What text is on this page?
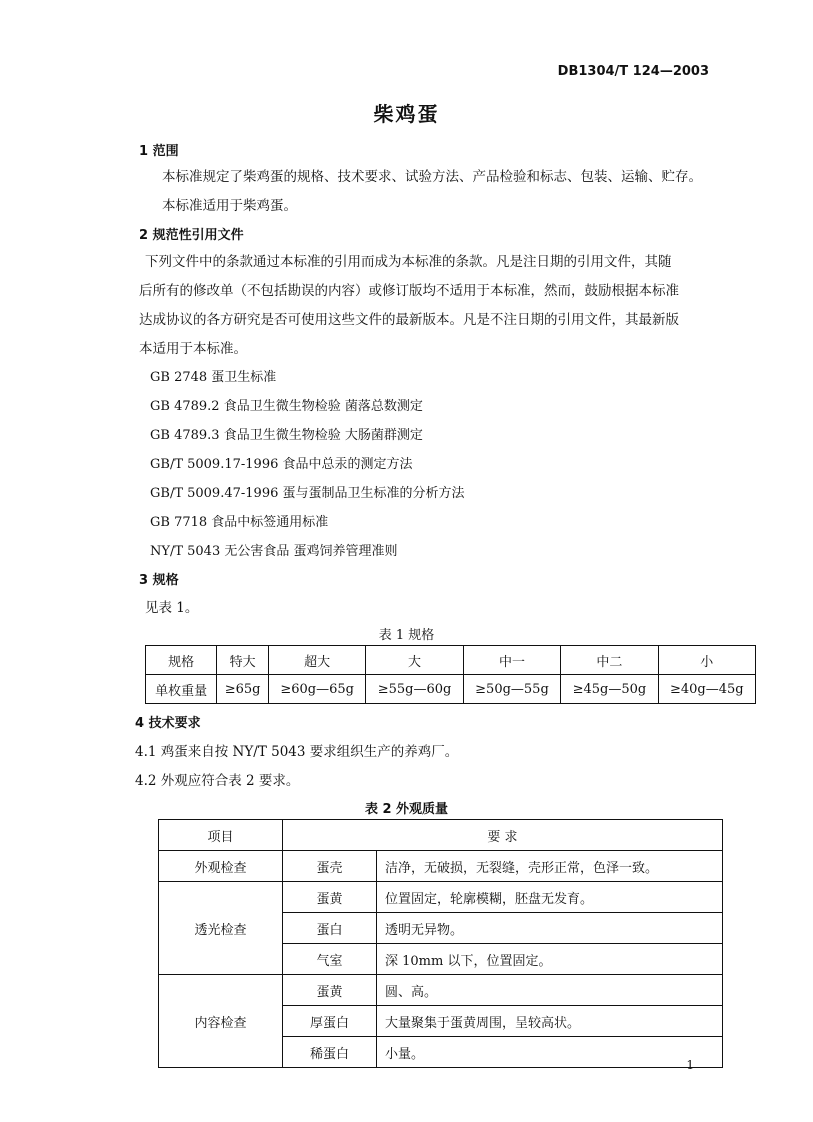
DB1304/T 124—2003
柴鸡蛋
1 范围

本标准规定了柴鸡蛋的规格、技术要求、试验方法、产品检验和标志、包装、运输、贮存。

本标准适用于柴鸡蛋。

2 规范性引用文件

下列文件中的条款通过本标准的引用而成为本标准的条款。凡是注日期的引用文件，其随

后所有的修改单（不包括勘误的内容）或修订版均不适用于本标准，然而，鼓励根据本标准

达成协议的各方研究是否可使用这些文件的最新版本。凡是不注日期的引用文件，其最新版

本适用于本标准。

GB 2748 蛋卫生标准

GB 4789.2 食品卫生微生物检验 菌落总数测定

GB 4789.3 食品卫生微生物检验 大肠菌群测定

GB/T 5009.17-1996 食品中总汞的测定方法

GB/T 5009.47-1996 蛋与蛋制品卫生标准的分析方法

GB 7718 食品中标签通用标准

NY/T 5043 无公害食品 蛋鸡饲养管理准则

3 规格

见表 1。

表 1 规格
规格	特大	超大	大	中一	中二	小
单枚重量	≥65g	≥60g—65g	≥55g—60g	≥50g—55g	≥45g—50g	≥40g—45g
4 技术要求

4.1 鸡蛋来自按 NY/T 5043 要求组织生产的养鸡厂。

4.2 外观应符合表 2 要求。

表 2 外观质量
项目	要 求	
外观检查	蛋壳	洁净，无破损，无裂缝，壳形正常，色泽一致。
透光检查	蛋黄	位置固定，轮廓模糊，胚盘无发育。
	蛋白	透明无异物。
	气室	深 10mm 以下，位置固定。
内容检查	蛋黄	圆、高。
	厚蛋白	大量聚集于蛋黄周围，呈较高状。
	稀蛋白	小量。
1
